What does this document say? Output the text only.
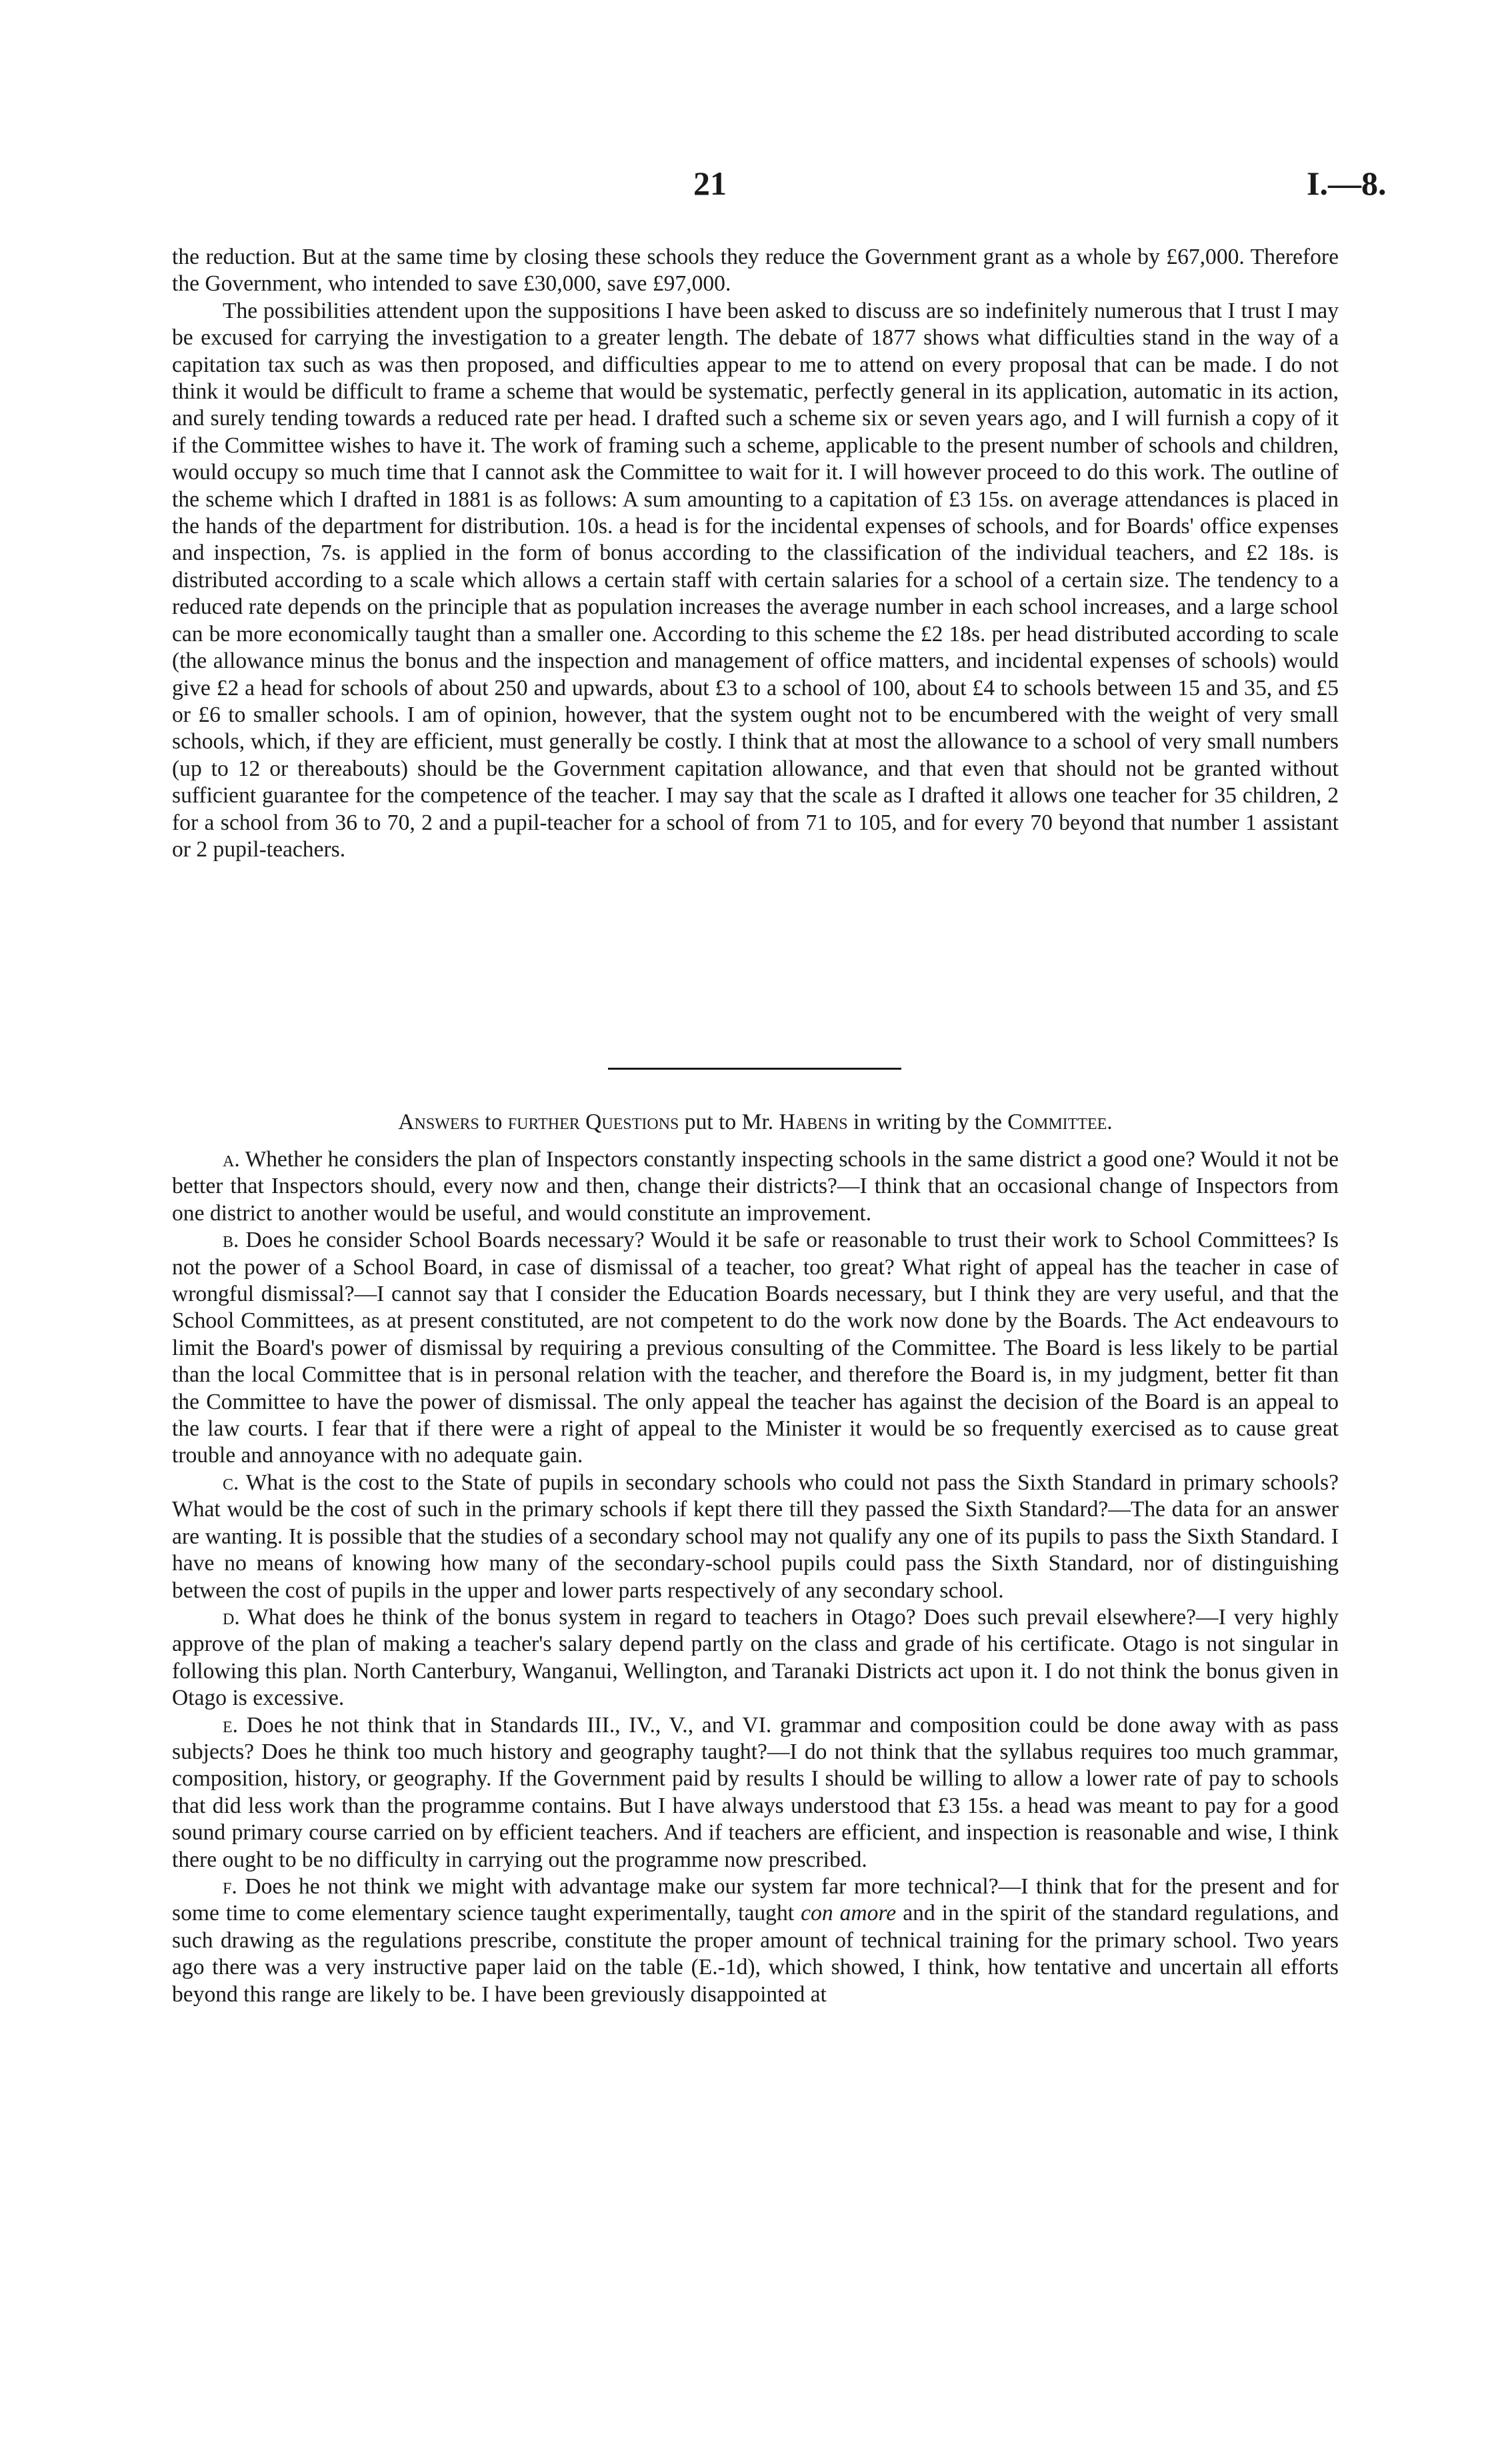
21	I.—8.

the reduction. But at the same time by closing these schools they reduce the Government grant as a whole by £67,000. Therefore the Government, who intended to save £30,000, save £97,000.

The possibilities attendent upon the suppositions I have been asked to discuss are so indefinitely numerous that I trust I may be excused for carrying the investigation to a greater length. The debate of 1877 shows what difficulties stand in the way of a capitation tax such as was then proposed, and difficulties appear to me to attend on every proposal that can be made. I do not think it would be difficult to frame a scheme that would be systematic, perfectly general in its application, automatic in its action, and surely tending towards a reduced rate per head. I drafted such a scheme six or seven years ago, and I will furnish a copy of it if the Committee wishes to have it. The work of framing such a scheme, applicable to the present number of schools and children, would occupy so much time that I cannot ask the Committee to wait for it. I will however proceed to do this work. The outline of the scheme which I drafted in 1881 is as follows: A sum amounting to a capitation of £3 15s. on average attendances is placed in the hands of the department for distribution. 10s. a head is for the incidental expenses of schools, and for Boards' office expenses and inspection, 7s. is applied in the form of bonus according to the classification of the individual teachers, and £2 18s. is distributed according to a scale which allows a certain staff with certain salaries for a school of a certain size. The tendency to a reduced rate depends on the principle that as population increases the average number in each school increases, and a large school can be more economically taught than a smaller one. According to this scheme the £2 18s. per head distributed according to scale (the allowance minus the bonus and the inspection and management of office matters, and incidental expenses of schools) would give £2 a head for schools of about 250 and upwards, about £3 to a school of 100, about £4 to schools between 15 and 35, and £5 or £6 to smaller schools. I am of opinion, however, that the system ought not to be encumbered with the weight of very small schools, which, if they are efficient, must generally be costly. I think that at most the allowance to a school of very small numbers (up to 12 or thereabouts) should be the Government capitation allowance, and that even that should not be granted without sufficient guarantee for the competence of the teacher. I may say that the scale as I drafted it allows one teacher for 35 children, 2 for a school from 36 to 70, 2 and a pupil-teacher for a school of from 71 to 105, and for every 70 beyond that number 1 assistant or 2 pupil-teachers.

Answers to further Questions put to Mr. Habens in writing by the Committee.

a. Whether he considers the plan of Inspectors constantly inspecting schools in the same district a good one? Would it not be better that Inspectors should, every now and then, change their districts?—I think that an occasional change of Inspectors from one district to another would be useful, and would constitute an improvement.

b. Does he consider School Boards necessary? Would it be safe or reasonable to trust their work to School Committees? Is not the power of a School Board, in case of dismissal of a teacher, too great? What right of appeal has the teacher in case of wrongful dismissal?—I cannot say that I consider the Education Boards necessary, but I think they are very useful, and that the School Committees, as at present constituted, are not competent to do the work now done by the Boards. The Act endeavours to limit the Board's power of dismissal by requiring a previous consulting of the Committee. The Board is less likely to be partial than the local Committee that is in personal relation with the teacher, and therefore the Board is, in my judgment, better fit than the Committee to have the power of dismissal. The only appeal the teacher has against the decision of the Board is an appeal to the law courts. I fear that if there were a right of appeal to the Minister it would be so frequently exercised as to cause great trouble and annoyance with no adequate gain.

c. What is the cost to the State of pupils in secondary schools who could not pass the Sixth Standard in primary schools? What would be the cost of such in the primary schools if kept there till they passed the Sixth Standard?—The data for an answer are wanting. It is possible that the studies of a secondary school may not qualify any one of its pupils to pass the Sixth Standard. I have no means of knowing how many of the secondary-school pupils could pass the Sixth Standard, nor of distinguishing between the cost of pupils in the upper and lower parts respectively of any secondary school.

d. What does he think of the bonus system in regard to teachers in Otago? Does such prevail elsewhere?—I very highly approve of the plan of making a teacher's salary depend partly on the class and grade of his certificate. Otago is not singular in following this plan. North Canterbury, Wanganui, Wellington, and Taranaki Districts act upon it. I do not think the bonus given in Otago is excessive.

e. Does he not think that in Standards III., IV., V., and VI. grammar and composition could be done away with as pass subjects? Does he think too much history and geography taught?—I do not think that the syllabus requires too much grammar, composition, history, or geography. If the Government paid by results I should be willing to allow a lower rate of pay to schools that did less work than the programme contains. But I have always understood that £3 15s. a head was meant to pay for a good sound primary course carried on by efficient teachers. And if teachers are efficient, and inspection is reasonable and wise, I think there ought to be no difficulty in carrying out the programme now prescribed.

f. Does he not think we might with advantage make our system far more technical?—I think that for the present and for some time to come elementary science taught experimentally, taught con amore and in the spirit of the standard regulations, and such drawing as the regulations prescribe, constitute the proper amount of technical training for the primary school. Two years ago there was a very instructive paper laid on the table (E.-1d), which showed, I think, how tentative and uncertain all efforts beyond this range are likely to be. I have been greviously disappointed at
